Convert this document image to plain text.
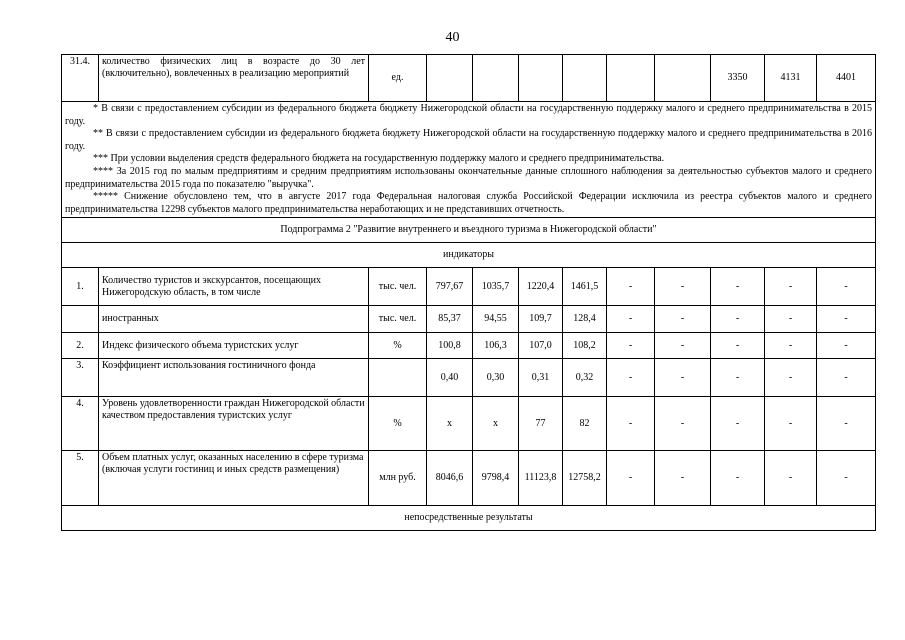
40
31.4.	количество физических лиц в возрасте до 30 лет (включительно), вовлеченных в реализацию мероприятий	ед.							3350	4131	4401

* В связи с предоставлением субсидии из федерального бюджета бюджету Нижегородской области на государственную поддержку малого и среднего предпринимательства в 2015 году.

** В связи с предоставлением субсидии из федерального бюджета бюджету Нижегородской области на государственную поддержку малого и среднего предпринимательства в 2016 году.

*** При условии выделения средств федерального бюджета на государственную поддержку малого и среднего предпринимательства.

**** За 2015 год по малым предприятиям и средним предприятиям использованы окончательные данные сплошного наблюдения за деятельностью субъектов малого и среднего предпринимательства 2015 года по показателю "выручка".

***** Снижение обусловлено тем, что в августе 2017 года Федеральная налоговая служба Российской Федерации исключила из реестра субъектов малого и среднего предпринимательства 12298 субъектов малого предпринимательства неработающих и не представивших отчетность.											

Подпрограмма 2 "Развитие внутреннего и въездного туризма в Нижегородской области"											
индикаторы											
1.	Количество туристов и экскурсантов, посещающих Нижегородскую область, в том числе	тыс. чел.	797,67	1035,7	1220,4	1461,5	-	-	-	-	-
	иностранных	тыс. чел.	85,37	94,55	109,7	128,4	-	-	-	-	-
2.	Индекс физического объема туристских услуг	%	100,8	106,3	107,0	108,2	-	-	-	-	-
3.	Коэффициент использования гостиничного фонда		0,40	0,30	0,31	0,32	-	-	-	-	-
4.	Уровень удовлетворенности граждан Нижегородской области качеством предоставления туристских услуг	%	х	х	77	82	-	-	-	-	-
5.	Объем платных услуг, оказанных населению в сфере туризма (включая услуги гостиниц и иных средств размещения)	млн руб.	8046,6	9798,4	11123,8	12758,2	-	-	-	-	-
непосредственные результаты											
